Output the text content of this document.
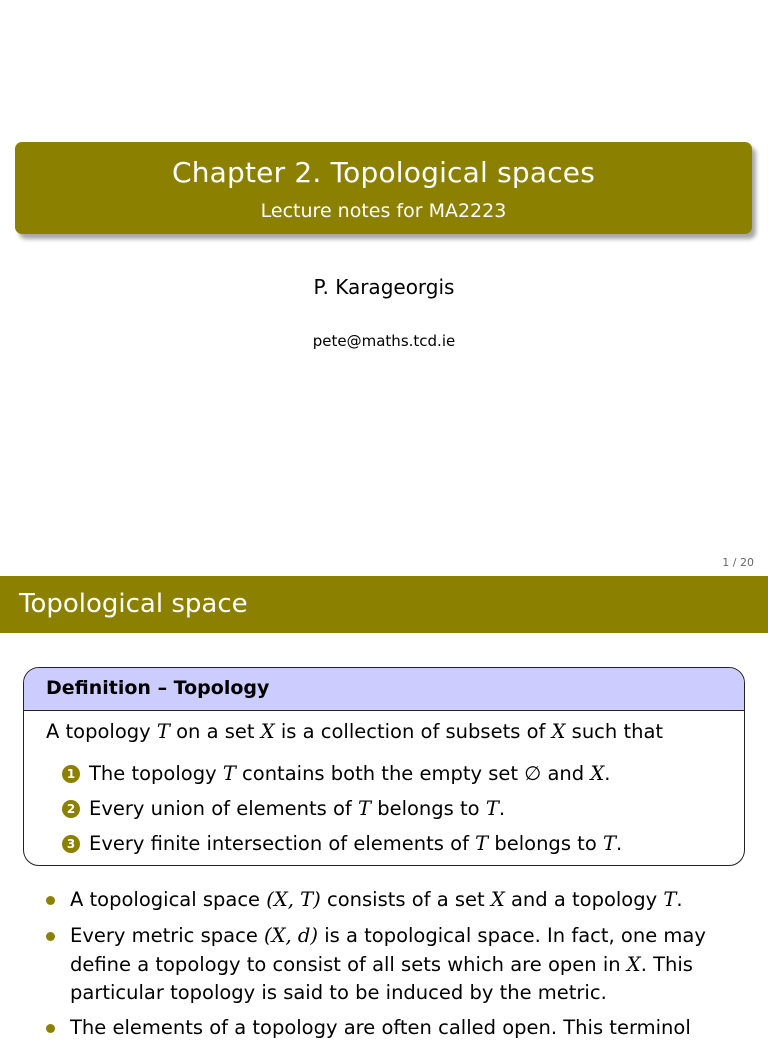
Chapter 2. Topological spaces
Lecture notes for MA2223
P. Karageorgis
pete@maths.tcd.ie
1 / 20
Topological space
Definition – Topology
A topology T on a set X is a collection of subsets of X such that
1 The topology T contains both the empty set ∅ and X.
2 Every union of elements of T belongs to T.
3 Every finite intersection of elements of T belongs to T.
A topological space (X, T) consists of a set X and a topology T.
Every metric space (X, d) is a topological space. In fact, one may define a topology to consist of all sets which are open in X. This particular topology is said to be induced by the metric.
The elements of a topology are often called open. This terminol
